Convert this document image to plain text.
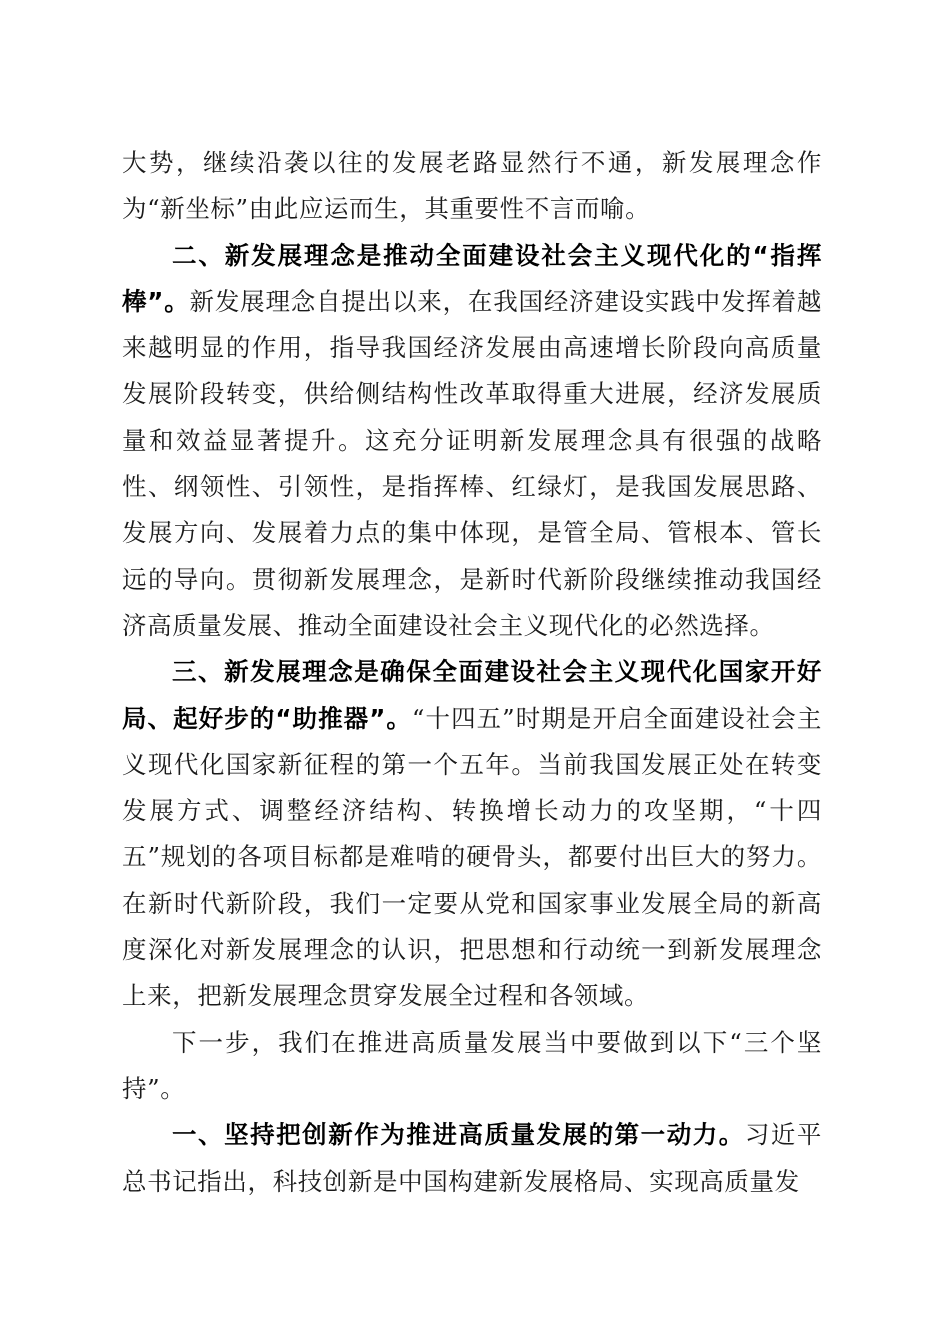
大势，继续沿袭以往的发展老路显然行不通，新发展理念作为“新坐标”由此应运而生，其重要性不言而喻。

二、新发展理念是推动全面建设社会主义现代化的“指挥棒”。新发展理念自提出以来，在我国经济建设实践中发挥着越来越明显的作用，指导我国经济发展由高速增长阶段向高质量发展阶段转变，供给侧结构性改革取得重大进展，经济发展质量和效益显著提升。这充分证明新发展理念具有很强的战略性、纲领性、引领性，是指挥棒、红绿灯，是我国发展思路、发展方向、发展着力点的集中体现，是管全局、管根本、管长远的导向。贯彻新发展理念，是新时代新阶段继续推动我国经济高质量发展、推动全面建设社会主义现代化的必然选择。

三、新发展理念是确保全面建设社会主义现代化国家开好局、起好步的“助推器”。“十四五”时期是开启全面建设社会主义现代化国家新征程的第一个五年。当前我国发展正处在转变发展方式、调整经济结构、转换增长动力的攻坚期，“十四五”规划的各项目标都是难啃的硬骨头，都要付出巨大的努力。在新时代新阶段，我们一定要从党和国家事业发展全局的新高度深化对新发展理念的认识，把思想和行动统一到新发展理念上来，把新发展理念贯穿发展全过程和各领域。

下一步，我们在推进高质量发展当中要做到以下“三个坚持”。

一、坚持把创新作为推进高质量发展的第一动力。习近平总书记指出，科技创新是中国构建新发展格局、实现高质量发
